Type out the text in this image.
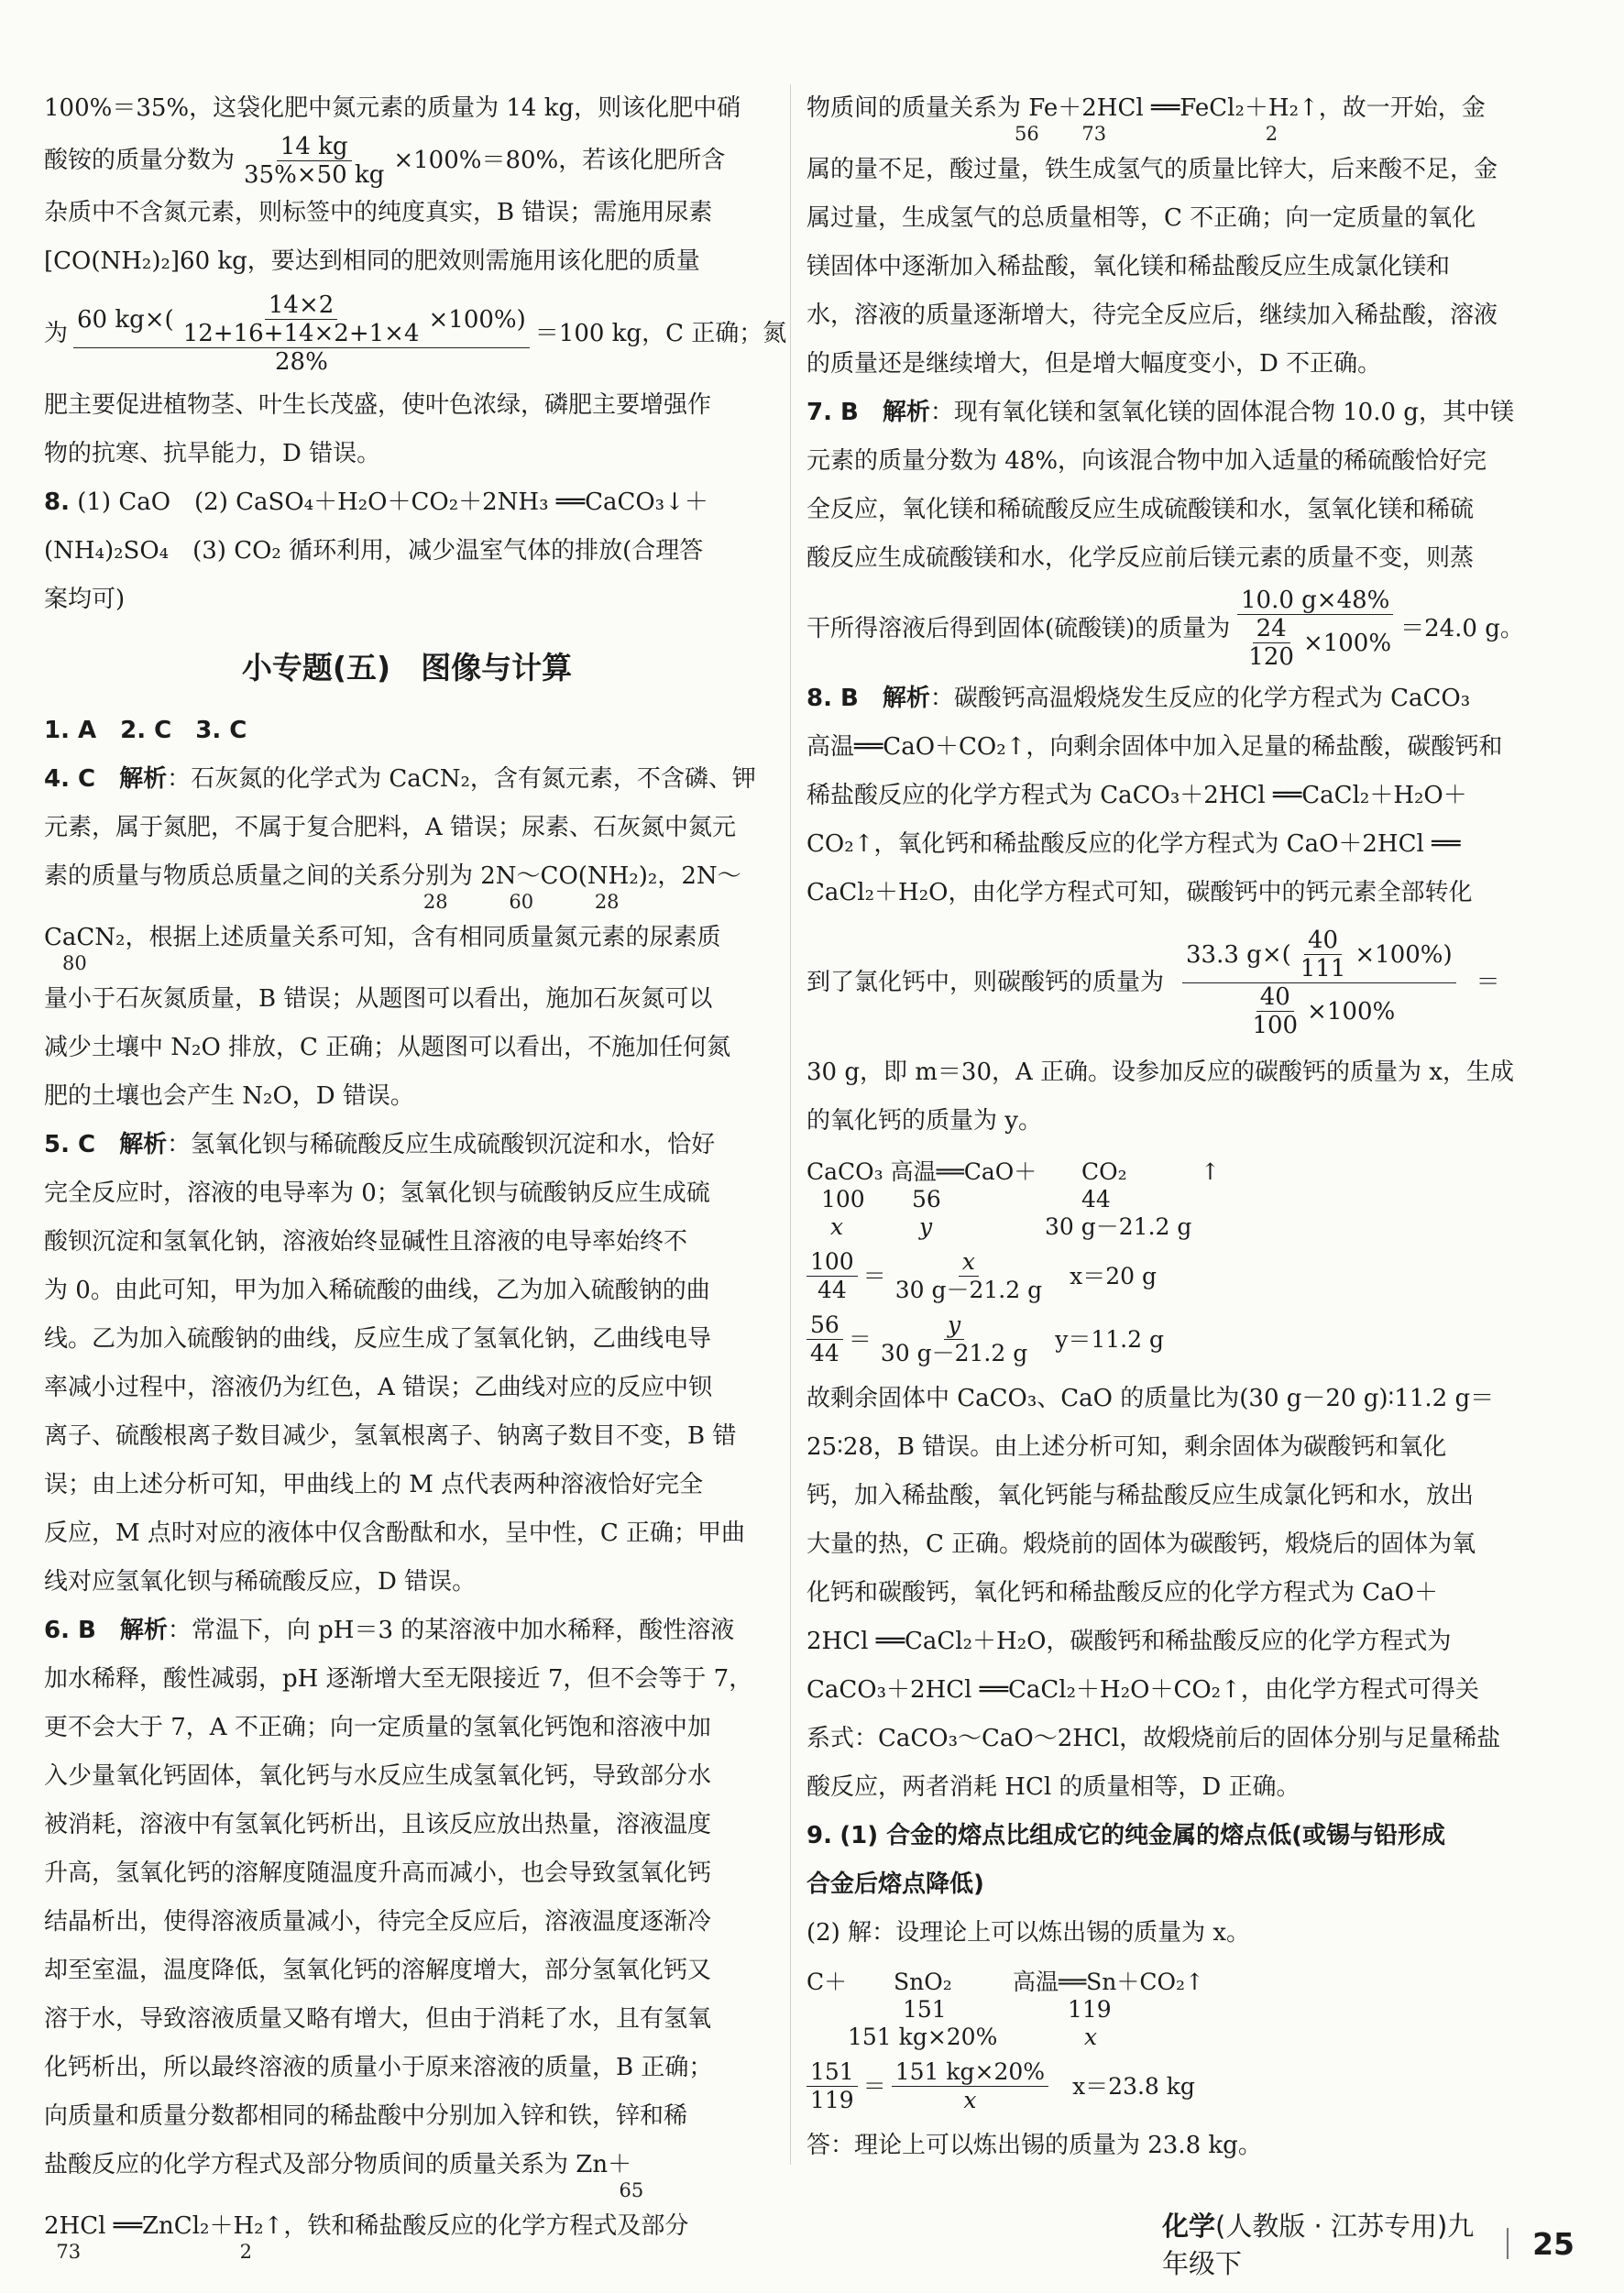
100%＝35%，这袋化肥中氮元素的质量为 14 kg，则该化肥中硝

酸铵的质量分数为 $\frac{14 kg}{35\%\times 50 kg} \times 100\%=80\%$，若该化肥所含

杂质中不含氮元素，则标签中的纯度真实，B 错误；需施用尿素

[CO(NH₂)₂]60 kg，要达到相同的肥效则需施用该化肥的质量

为 $\frac{60 kg\times( \frac{14\times 2}{12+16+14\times 2+1\times 4} \times 100\%)}{28\%} =100$ kg，C 正确；氮

肥主要促进植物茎、叶生长茂盛，使叶色浓绿，磷肥主要增强作

物的抗寒、抗旱能力，D 错误。

8. (1) CaO　(2) CaSO₄＋H₂O＋CO₂＋2NH₃ ══CaCO₃↓＋

(NH₄)₂SO₄　(3) CO₂ 循环利用，减少温室气体的排放(合理答

案均可)

小专题(五)　图像与计算

1. A　2. C　3. C

4. C　 解析：石灰氮的化学式为 CaCN₂，含有氮元素，不含磷、钾

元素，属于氮肥，不属于复合肥料，A 错误；尿素、石灰氮中氮元

素的质量与物质总质量之间的关系分别为 2N～CO(NH₂)₂，2N～

28          60          28

CaCN₂，根据上述质量关系可知，含有相同质量氮元素的尿素质

80

量小于石灰氮质量，B 错误；从题图可以看出，施加石灰氮可以

减少土壤中 N₂O 排放，C 正确；从题图可以看出，不施加任何氮

肥的土壤也会产生 N₂O，D 错误。

5. C　 解析：氢氧化钡与稀硫酸反应生成硫酸钡沉淀和水，恰好

完全反应时，溶液的电导率为 0；氢氧化钡与硫酸钠反应生成硫

酸钡沉淀和氢氧化钠，溶液始终显碱性且溶液的电导率始终不

为 0。由此可知，甲为加入稀硫酸的曲线，乙为加入硫酸钠的曲

线。乙为加入硫酸钠的曲线，反应生成了氢氧化钠，乙曲线电导

率减小过程中，溶液仍为红色，A 错误；乙曲线对应的反应中钡

离子、硫酸根离子数目减少，氢氧根离子、钠离子数目不变，B 错

误；由上述分析可知，甲曲线上的 M 点代表两种溶液恰好完全

反应，M 点时对应的液体中仅含酚酞和水，呈中性，C 正确；甲曲

线对应氢氧化钡与稀硫酸反应，D 错误。

6. B　 解析：常温下，向 pH＝3 的某溶液中加水稀释，酸性溶液

加水稀释，酸性减弱，pH 逐渐增大至无限接近 7，但不会等于 7，

更不会大于 7，A 不正确；向一定质量的氢氧化钙饱和溶液中加

入少量氧化钙固体，氧化钙与水反应生成氢氧化钙，导致部分水

被消耗，溶液中有氢氧化钙析出，且该反应放出热量，溶液温度

升高，氢氧化钙的溶解度随温度升高而减小，也会导致氢氧化钙

结晶析出，使得溶液质量减小，待完全反应后，溶液温度逐渐冷

却至室温，温度降低，氢氧化钙的溶解度增大，部分氢氧化钙又

溶于水，导致溶液质量又略有增大，但由于消耗了水，且有氢氧

化钙析出，所以最终溶液的质量小于原来溶液的质量，B 正确；

向质量和质量分数都相同的稀盐酸中分别加入锌和铁，锌和稀

盐酸反应的化学方程式及部分物质间的质量关系为 Zn＋

65

2HCl ══ZnCl₂＋H₂↑，铁和稀盐酸反应的化学方程式及部分

73                          2

物质间的质量关系为 Fe＋2HCl ══FeCl₂＋H₂↑，故一开始，金

56       73                          2

属的量不足，酸过量，铁生成氢气的质量比锌大，后来酸不足，金

属过量，生成氢气的总质量相等，C 不正确；向一定质量的氧化

镁固体中逐渐加入稀盐酸，氧化镁和稀盐酸反应生成氯化镁和

水，溶液的质量逐渐增大，待完全反应后，继续加入稀盐酸，溶液

的质量还是继续增大，但是增大幅度变小，D 不正确。

7. B　 解析：现有氧化镁和氢氧化镁的固体混合物 10.0 g，其中镁

元素的质量分数为 48%，向该混合物中加入适量的稀硫酸恰好完

全反应，氧化镁和稀硫酸反应生成硫酸镁和水，氢氧化镁和稀硫

酸反应生成硫酸镁和水，化学反应前后镁元素的质量不变，则蒸

干所得溶液后得到固体(硫酸镁)的质量为 $\frac{10.0 g\times 48\%}{\frac{24}{120} \times 100\%} =24.0$ g。

8. B　 解析：碳酸钙高温煅烧发生反应的化学方程式为 CaCO₃

高温══CaO＋CO₂↑，向剩余固体中加入足量的稀盐酸，碳酸钙和

稀盐酸反应的化学方程式为 CaCO₃＋2HCl ══CaCl₂＋H₂O＋

CO₂↑，氧化钙和稀盐酸反应的化学方程式为 CaO＋2HCl ══

CaCl₂＋H₂O，由化学方程式可知，碳酸钙中的钙元素全部转化

到了氯化钙中，则碳酸钙的质量为 $\frac{33.3 g\times( \frac{40}{111} \times 100\%)}{\frac{40}{100} \times 100\%}$ ＝

30 g，即 m＝30，A 正确。设参加反应的碳酸钙的质量为 x，生成

的氧化钙的质量为 y。

CaCO₃ 高温══CaO＋ CO₂	↑
100	56	44
x	y	30 g－21.2 g
$\frac{100}{44} = \frac{x}{30 g-21.2 g} x=20$ g
$\frac{56}{44} = \frac{y}{30 g-21.2 g} y=11.2$ g

故剩余固体中 CaCO₃、CaO 的质量比为(30 g－20 g)∶11.2 g＝

25∶28，B 错误。由上述分析可知，剩余固体为碳酸钙和氧化

钙，加入稀盐酸，氧化钙能与稀盐酸反应生成氯化钙和水，放出

大量的热，C 正确。煅烧前的固体为碳酸钙，煅烧后的固体为氧

化钙和碳酸钙，氧化钙和稀盐酸反应的化学方程式为 CaO＋

2HCl ══CaCl₂＋H₂O，碳酸钙和稀盐酸反应的化学方程式为

CaCO₃＋2HCl ══CaCl₂＋H₂O＋CO₂↑，由化学方程式可得关

系式：CaCO₃～CaO～2HCl，故煅烧前后的固体分别与足量稀盐

酸反应，两者消耗 HCl 的质量相等，D 正确。

9. (1) 合金的熔点比组成它的纯金属的熔点低(或锡与铅形成

合金后熔点降低)

(2) 解：设理论上可以炼出锡的质量为 x。

C＋	SnO₂	高温══Sn＋CO₂↑
151	119
151 kg×20%	x
$\frac{151}{119} = \frac{151 kg\times 20\%}{x} x=23.8$ kg

答：理论上可以炼出锡的质量为 23.8 kg。

化学(人教版 · 江苏专用)九年级下
25
